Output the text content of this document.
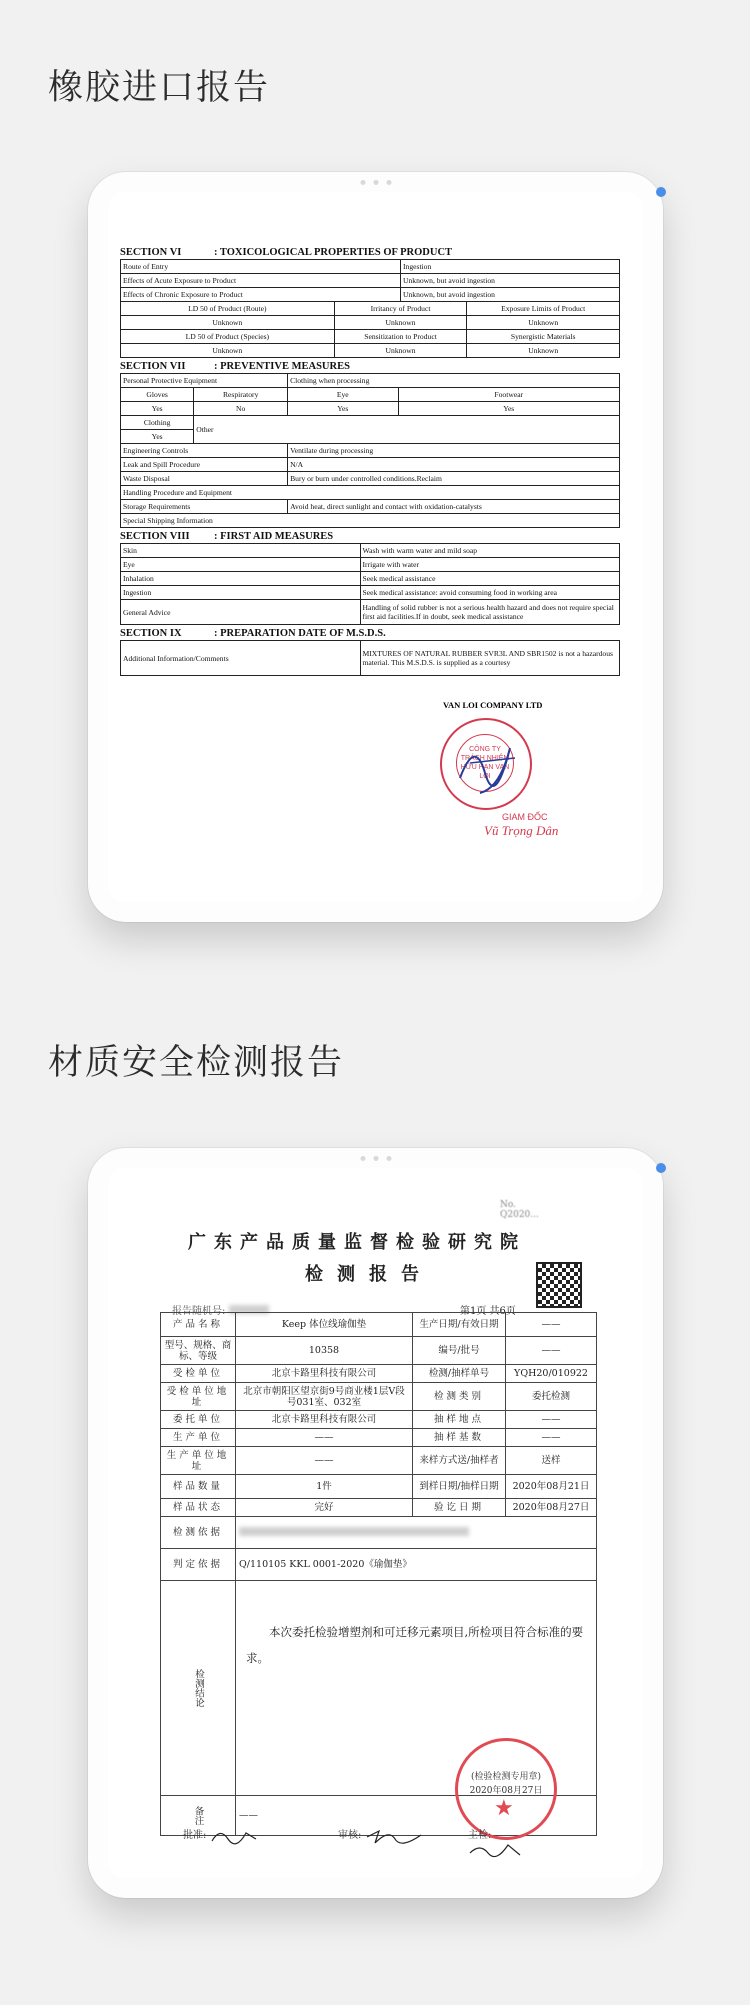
橡胶进口报告
SECTION VI	: TOXICOLOGICAL PROPERTIES OF PRODUCT
Route of Entry		Ingestion	
Effects of Acute Exposure to Product		Unknown, but avoid ingestion	
Effects of Chronic Exposure to Product		Unknown, but avoid ingestion	
LD 50 of Product (Route)	Irritancy of Product		Exposure Limits of Product
Unknown	Unknown		Unknown
LD 50 of Product (Species)	Sensitization to Product		Synergistic Materials
Unknown	Unknown		Unknown
SECTION VII	: PREVENTIVE MEASURES
Personal Protective Equipment		Clothing when processing	
Gloves	Respiratory	Eye	Footwear
Yes	No	Yes	Yes
Clothing	Other		
Yes			
Engineering Controls		Ventilate during processing	
Leak and Spill Procedure		N/A	
Waste Disposal		Bury or burn under controlled conditions.Reclaim	
Handling Procedure and Equipment			
Storage Requirements		Avoid heat, direct sunlight and contact with oxidation-catalysts	
Special Shipping Information			
SECTION VIII	: FIRST AID MEASURES
Skin	Wash with warm water and mild soap
Eye	Irrigate with water
Inhalation	Seek medical assistance
Ingestion	Seek medical assistance: avoid consuming food in working area
General Advice	Handling of solid rubber is not a serious health hazard and does not require special first aid facilities.If in doubt, seek medical assistance
SECTION IX	: PREPARATION DATE OF M.S.D.S.
Additional Information/Comments	MIXTURES OF NATURAL RUBBER SVR3L AND SBR1502 is not a hazardous material. This M.S.D.S. is supplied as a courtesy
VAN LOI COMPANY LTD
CÔNG TY TRÁCH NHIỆM HỮU HẠN VAN LOI
GIAM ĐỐC
Vũ Trọng Dân
材质安全检测报告
No. Q2020...
广东产品质量监督检验研究院
检测报告
报告随机号:	第1页 共6页
产品名称	Keep 体位线瑜伽垫	生产日期/有效日期	——
型号、规格、商标、等级	10358	编号/批号	——
受检单位	北京卡路里科技有限公司	检测/抽样单号	YQH20/010922
受检单位地址	北京市朝阳区望京街9号商业楼1层Ⅴ段号031室、032室	检测类别	委托检测
委托单位	北京卡路里科技有限公司	抽样地点	——
生产单位	——	抽样基数	——
生产单位地址	——	来样方式送/抽样者	送样
样品数量	1件	到样日期/抽样日期	2020年08月21日
样品状态	完好	验讫日期	2020年08月27日
检测依据			
判定依据	Q/110105 KKL 0001-2020《瑜伽垫》		
检测结论	本次委托检验增塑剂和可迁移元素项目,所检项目符合标准的要求。		
备注	——		
(检验检测专用章)
2020年08月27日
★
批准:	审核:	主检:
